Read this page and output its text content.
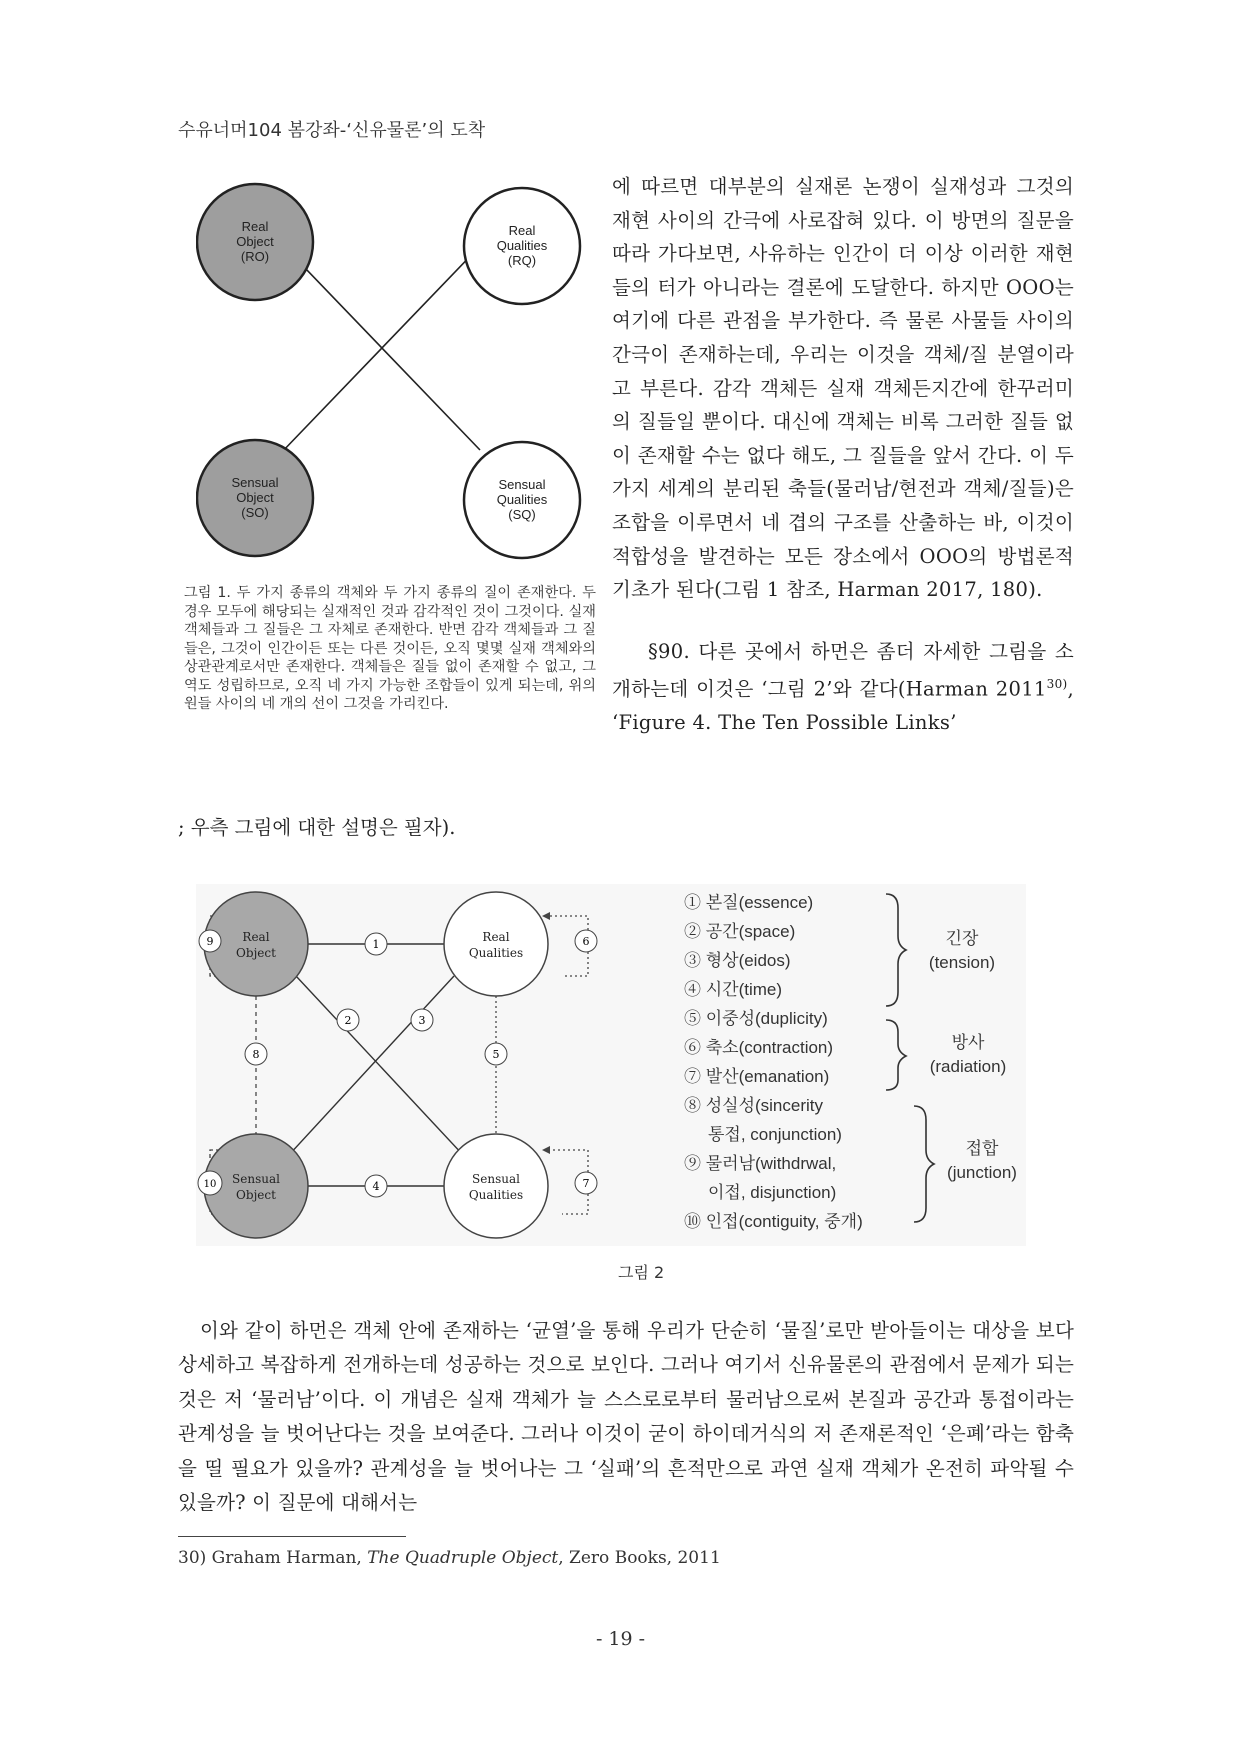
수유너머104 봄강좌-‘신유물론’의 도착
Real
Object
(RO)
Real
Qualities
(RQ)
Sensual
Object
(SO)
Sensual
Qualities
(SQ)
그림 1. 두 가지 종류의 객체와 두 가지 종류의 질이 존재한다. 두 경우 모두에 해당되는 실재적인 것과 감각적인 것이 그것이다. 실재 객체들과 그 질들은 그 자체로 존재한다. 반면 감각 객체들과 그 질들은, 그것이 인간이든 또는 다른 것이든, 오직 몇몇 실재 객체와의 상관관계로서만 존재한다. 객체들은 질들 없이 존재할 수 없고, 그 역도 성립하므로, 오직 네 가지 가능한 조합들이 있게 되는데, 위의 원들 사이의 네 개의 선이 그것을 가리킨다.
; 우측 그림에 대한 설명은 필자).

에 따르면 대부분의 실재론 논쟁이 실재성과 그것의 재현 사이의 간극에 사로잡혀 있다. 이 방면의 질문을 따라 가다보면, 사유하는 인간이 더 이상 이러한 재현들의 터가 아니라는 결론에 도달한다. 하지만 OOO는 여기에 다른 관점을 부가한다. 즉 물론 사물들 사이의 간극이 존재하는데, 우리는 이것을 객체/질 분열이라고 부른다. 감각 객체든 실재 객체든지간에 한꾸러미의 질들일 뿐이다. 대신에 객체는 비록 그러한 질들 없이 존재할 수는 없다 해도, 그 질들을 앞서 간다. 이 두 가지 세계의 분리된 축들(물러남/현전과 객체/질들)은 조합을 이루면서 네 겹의 구조를 산출하는 바, 이것이 적합성을 발견하는 모든 장소에서 OOO의 방법론적 기초가 된다(그림 1 참조, Harman 2017, 180).

§90. 다른 곳에서 하먼은 좀더 자세한 그림을 소개하는데 이것은 ‘그림 2’와 같다(Harman 2011$^{30)}$, ‘Figure 4. The Ten Possible Links’

Real
Object
Real
Qualities
Sensual
Object
Sensual
Qualities
1
2	3
4
5
6
7
8
9
10
① 본질(essence)
② 공간(space)
③ 형상(eidos)
④ 시간(time)
⑤ 이중성(duplicity)
⑥ 축소(contraction)
⑦ 발산(emanation)
⑧ 성실성(sincerity
통접, conjunction)
⑨ 물러남(withdrwal,
이접, disjunction)
⑩ 인접(contiguity, 중개)
긴장
(tension)
방사
(radiation)
접합
(junction)
그림 2
이와 같이 하먼은 객체 안에 존재하는 ‘균열’을 통해 우리가 단순히 ‘물질’로만 받아들이는 대상을 보다 상세하고 복잡하게 전개하는데 성공하는 것으로 보인다. 그러나 여기서 신유물론의 관점에서 문제가 되는 것은 저 ‘물러남’이다. 이 개념은 실재 객체가 늘 스스로로부터 물러남으로써 본질과 공간과 통접이라는 관계성을 늘 벗어난다는 것을 보여준다. 그러나 이것이 굳이 하이데거식의 저 존재론적인 ‘은폐’라는 함축을 띨 필요가 있을까? 관계성을 늘 벗어나는 그 ‘실패’의 흔적만으로 과연 실재 객체가 온전히 파악될 수 있을까? 이 질문에 대해서는
30) Graham Harman, The Quadruple Object, Zero Books, 2011
- 19 -
